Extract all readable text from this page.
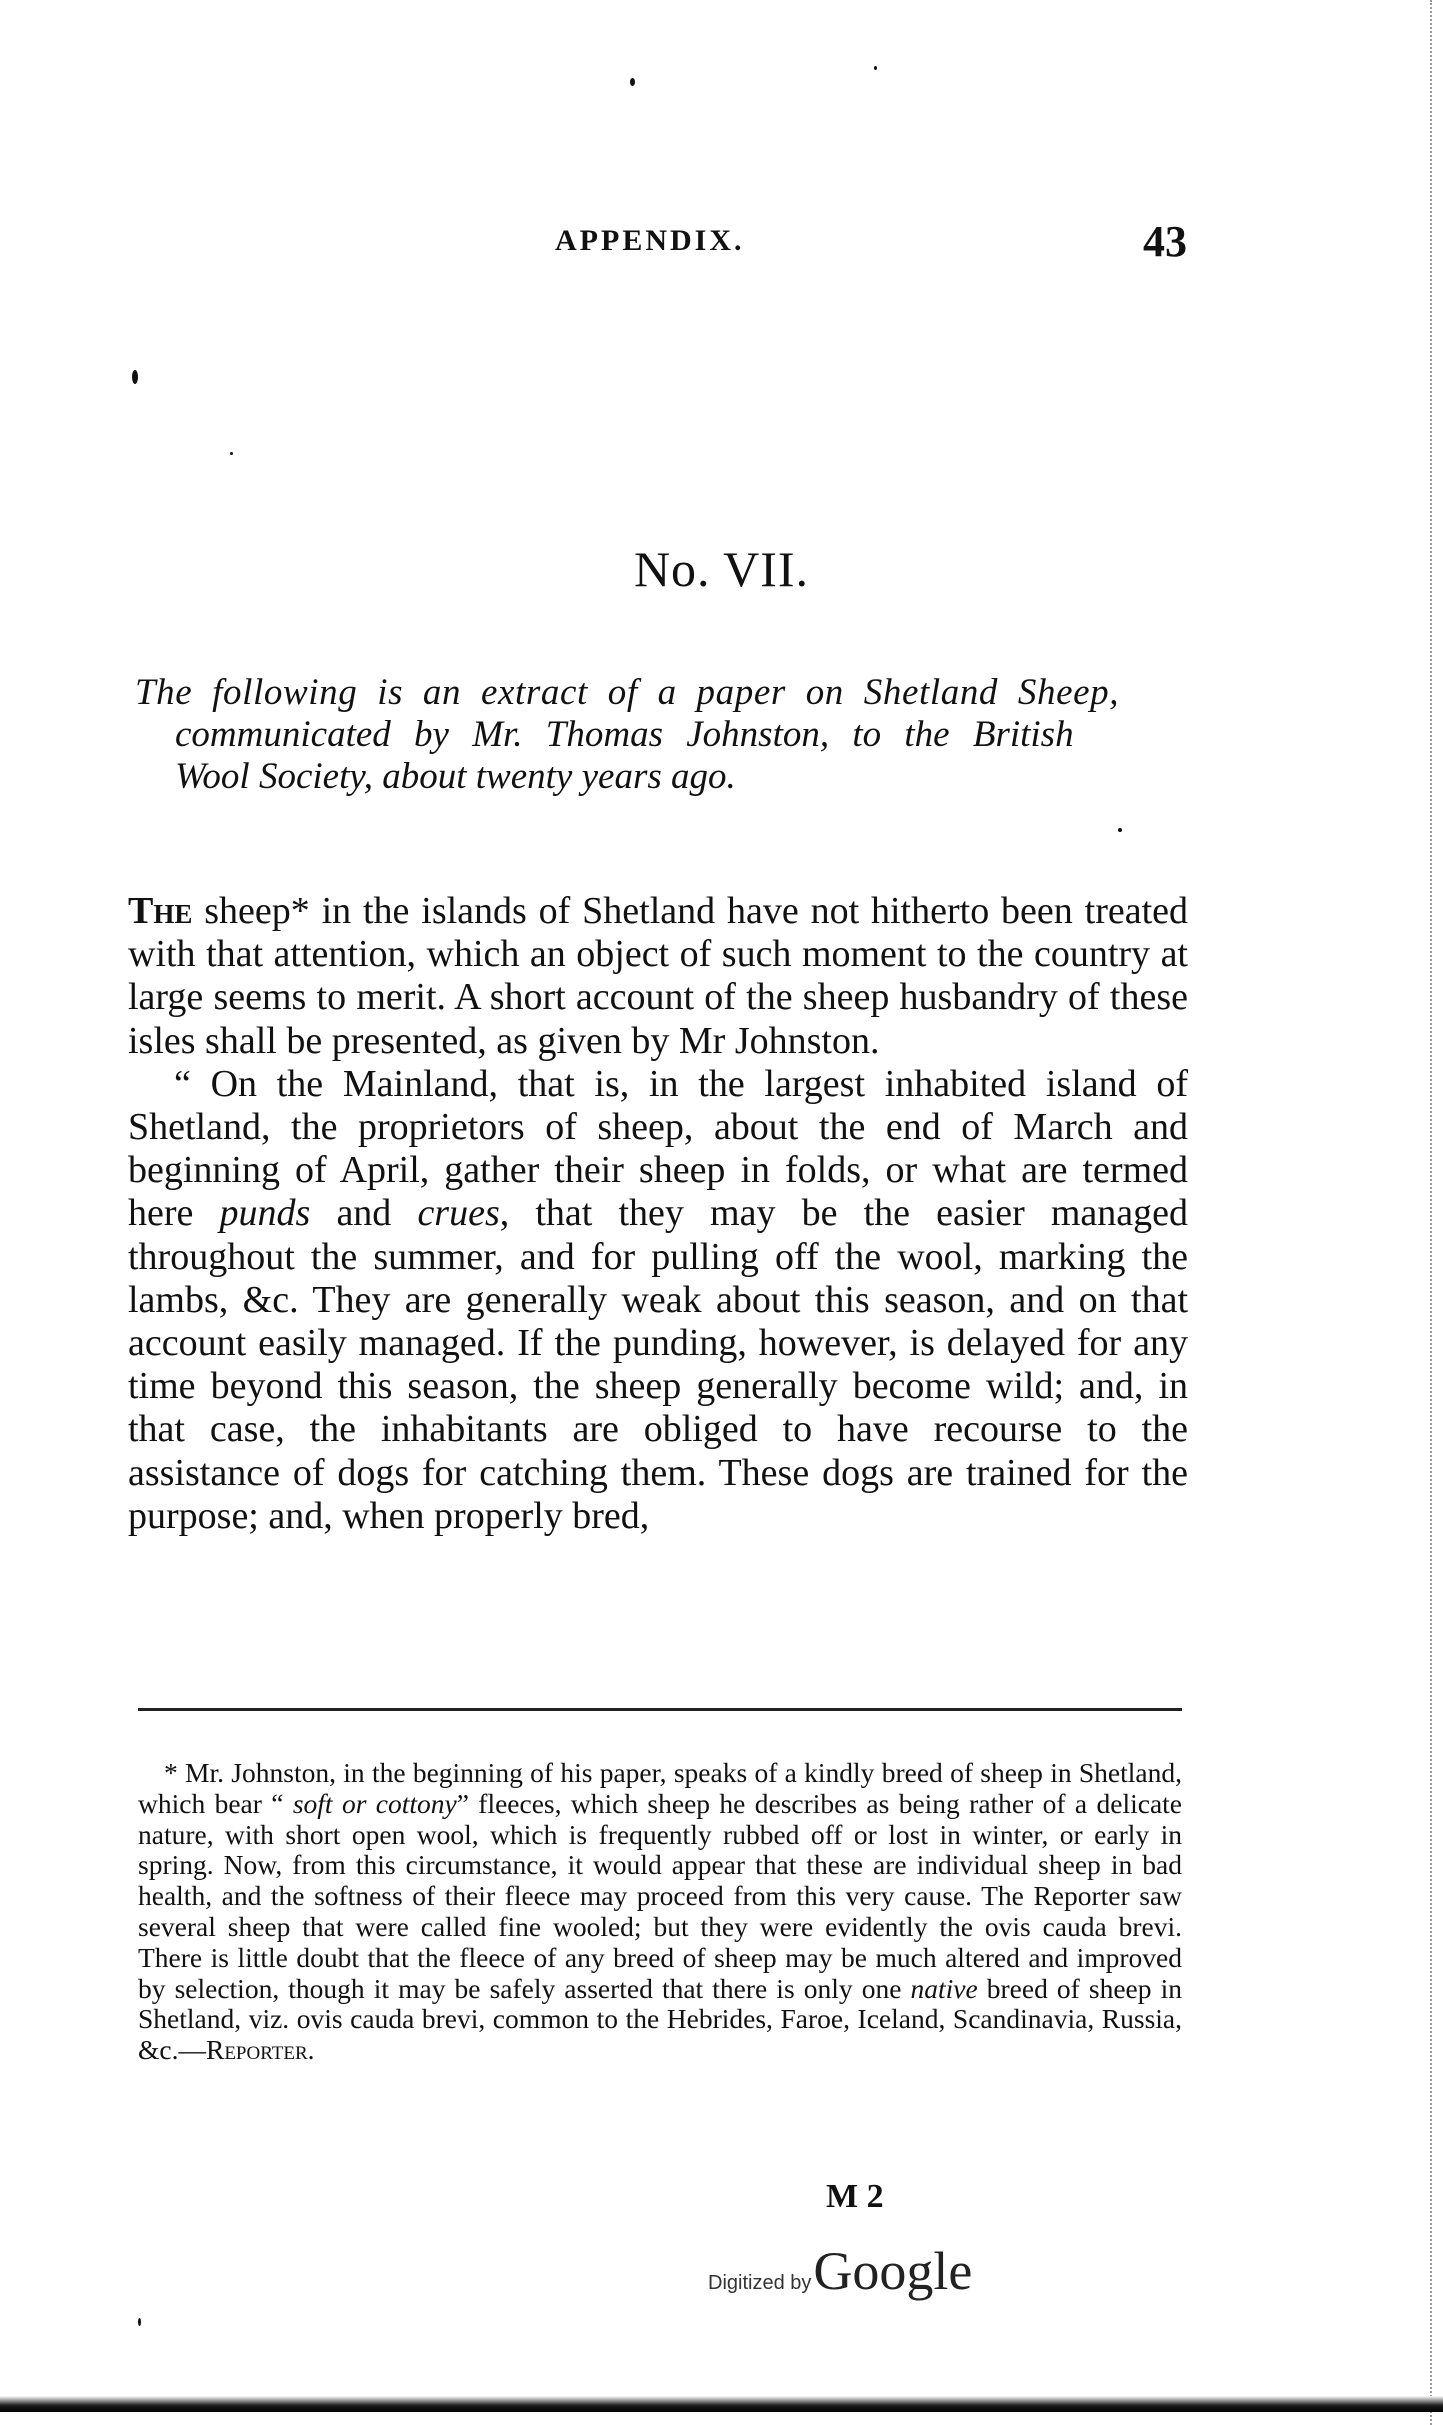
APPENDIX.	43
No. VII.
The following is an extract of a paper on Shetland Sheep,
communicated by Mr. Thomas Johnston, to the British
Wool Society, about twenty years ago.

The sheep* in the islands of Shetland have not hitherto been treated with that attention, which an object of such moment to the country at large seems to merit. A short account of the sheep husbandry of these isles shall be presented, as given by Mr Johnston.

“ On the Mainland, that is, in the largest inhabited island of Shetland, the proprietors of sheep, about the end of March and beginning of April, gather their sheep in folds, or what are termed here punds and crues, that they may be the easier managed throughout the summer, and for pulling off the wool, marking the lambs, &c. They are generally weak about this season, and on that account easily managed. If the punding, however, is delayed for any time beyond this season, the sheep generally become wild; and, in that case, the inhabitants are obliged to have recourse to the assistance of dogs for catching them. These dogs are trained for the purpose; and, when properly bred,

* Mr. Johnston, in the beginning of his paper, speaks of a kindly breed of sheep in Shetland, which bear “ soft or cottony” fleeces, which sheep he describes as being rather of a delicate nature, with short open wool, which is frequently rubbed off or lost in winter, or early in spring. Now, from this circumstance, it would appear that these are individual sheep in bad health, and the softness of their fleece may proceed from this very cause. The Reporter saw several sheep that were called fine wooled; but they were evidently the ovis cauda brevi. There is little doubt that the fleece of any breed of sheep may be much altered and improved by selection, though it may be safely asserted that there is only one native breed of sheep in Shetland, viz. ovis cauda brevi, common to the Hebrides, Faroe, Iceland, Scandinavia, Russia, &c.—Reporter.

M 2
Digitized byGoogle
